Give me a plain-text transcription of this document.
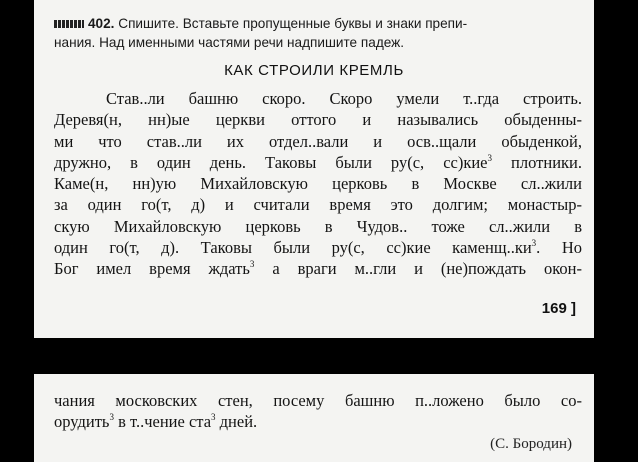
402. Спишите. Вставьте пропущенные буквы и знаки препи-
нания. Над именными частями речи надпишите падеж.
КАК СТРОИЛИ КРЕМЛЬ
Став..ли башню скоро. Скоро умели т..гда строить.
Деревя(н, нн)ые церкви оттого и назывались обыденны-
ми что став..ли их отдел..вали и осв..щали обыденкой,
дружно, в один день. Таковы были ру(с, сс)кие$^3$ плотники.
Каме(н, нн)ую Михайловскую церковь в Москве сл..жили
за один го(т, д) и считали время это долгим; монастыр-
скую Михайловскую церковь в Чудов.. тоже сл..жили в
один го(т, д). Таковы были ру(с, сс)кие $каменщ..ки^3$. Но
Бог имел время ждать$^3$ а враги м..гли и (не)пождать окон-
169 ]
чания московских стен, посему башню п..ложено было со-
орудить$^3$ в т..чение ста$^3$ дней.
(С. Бородин)
